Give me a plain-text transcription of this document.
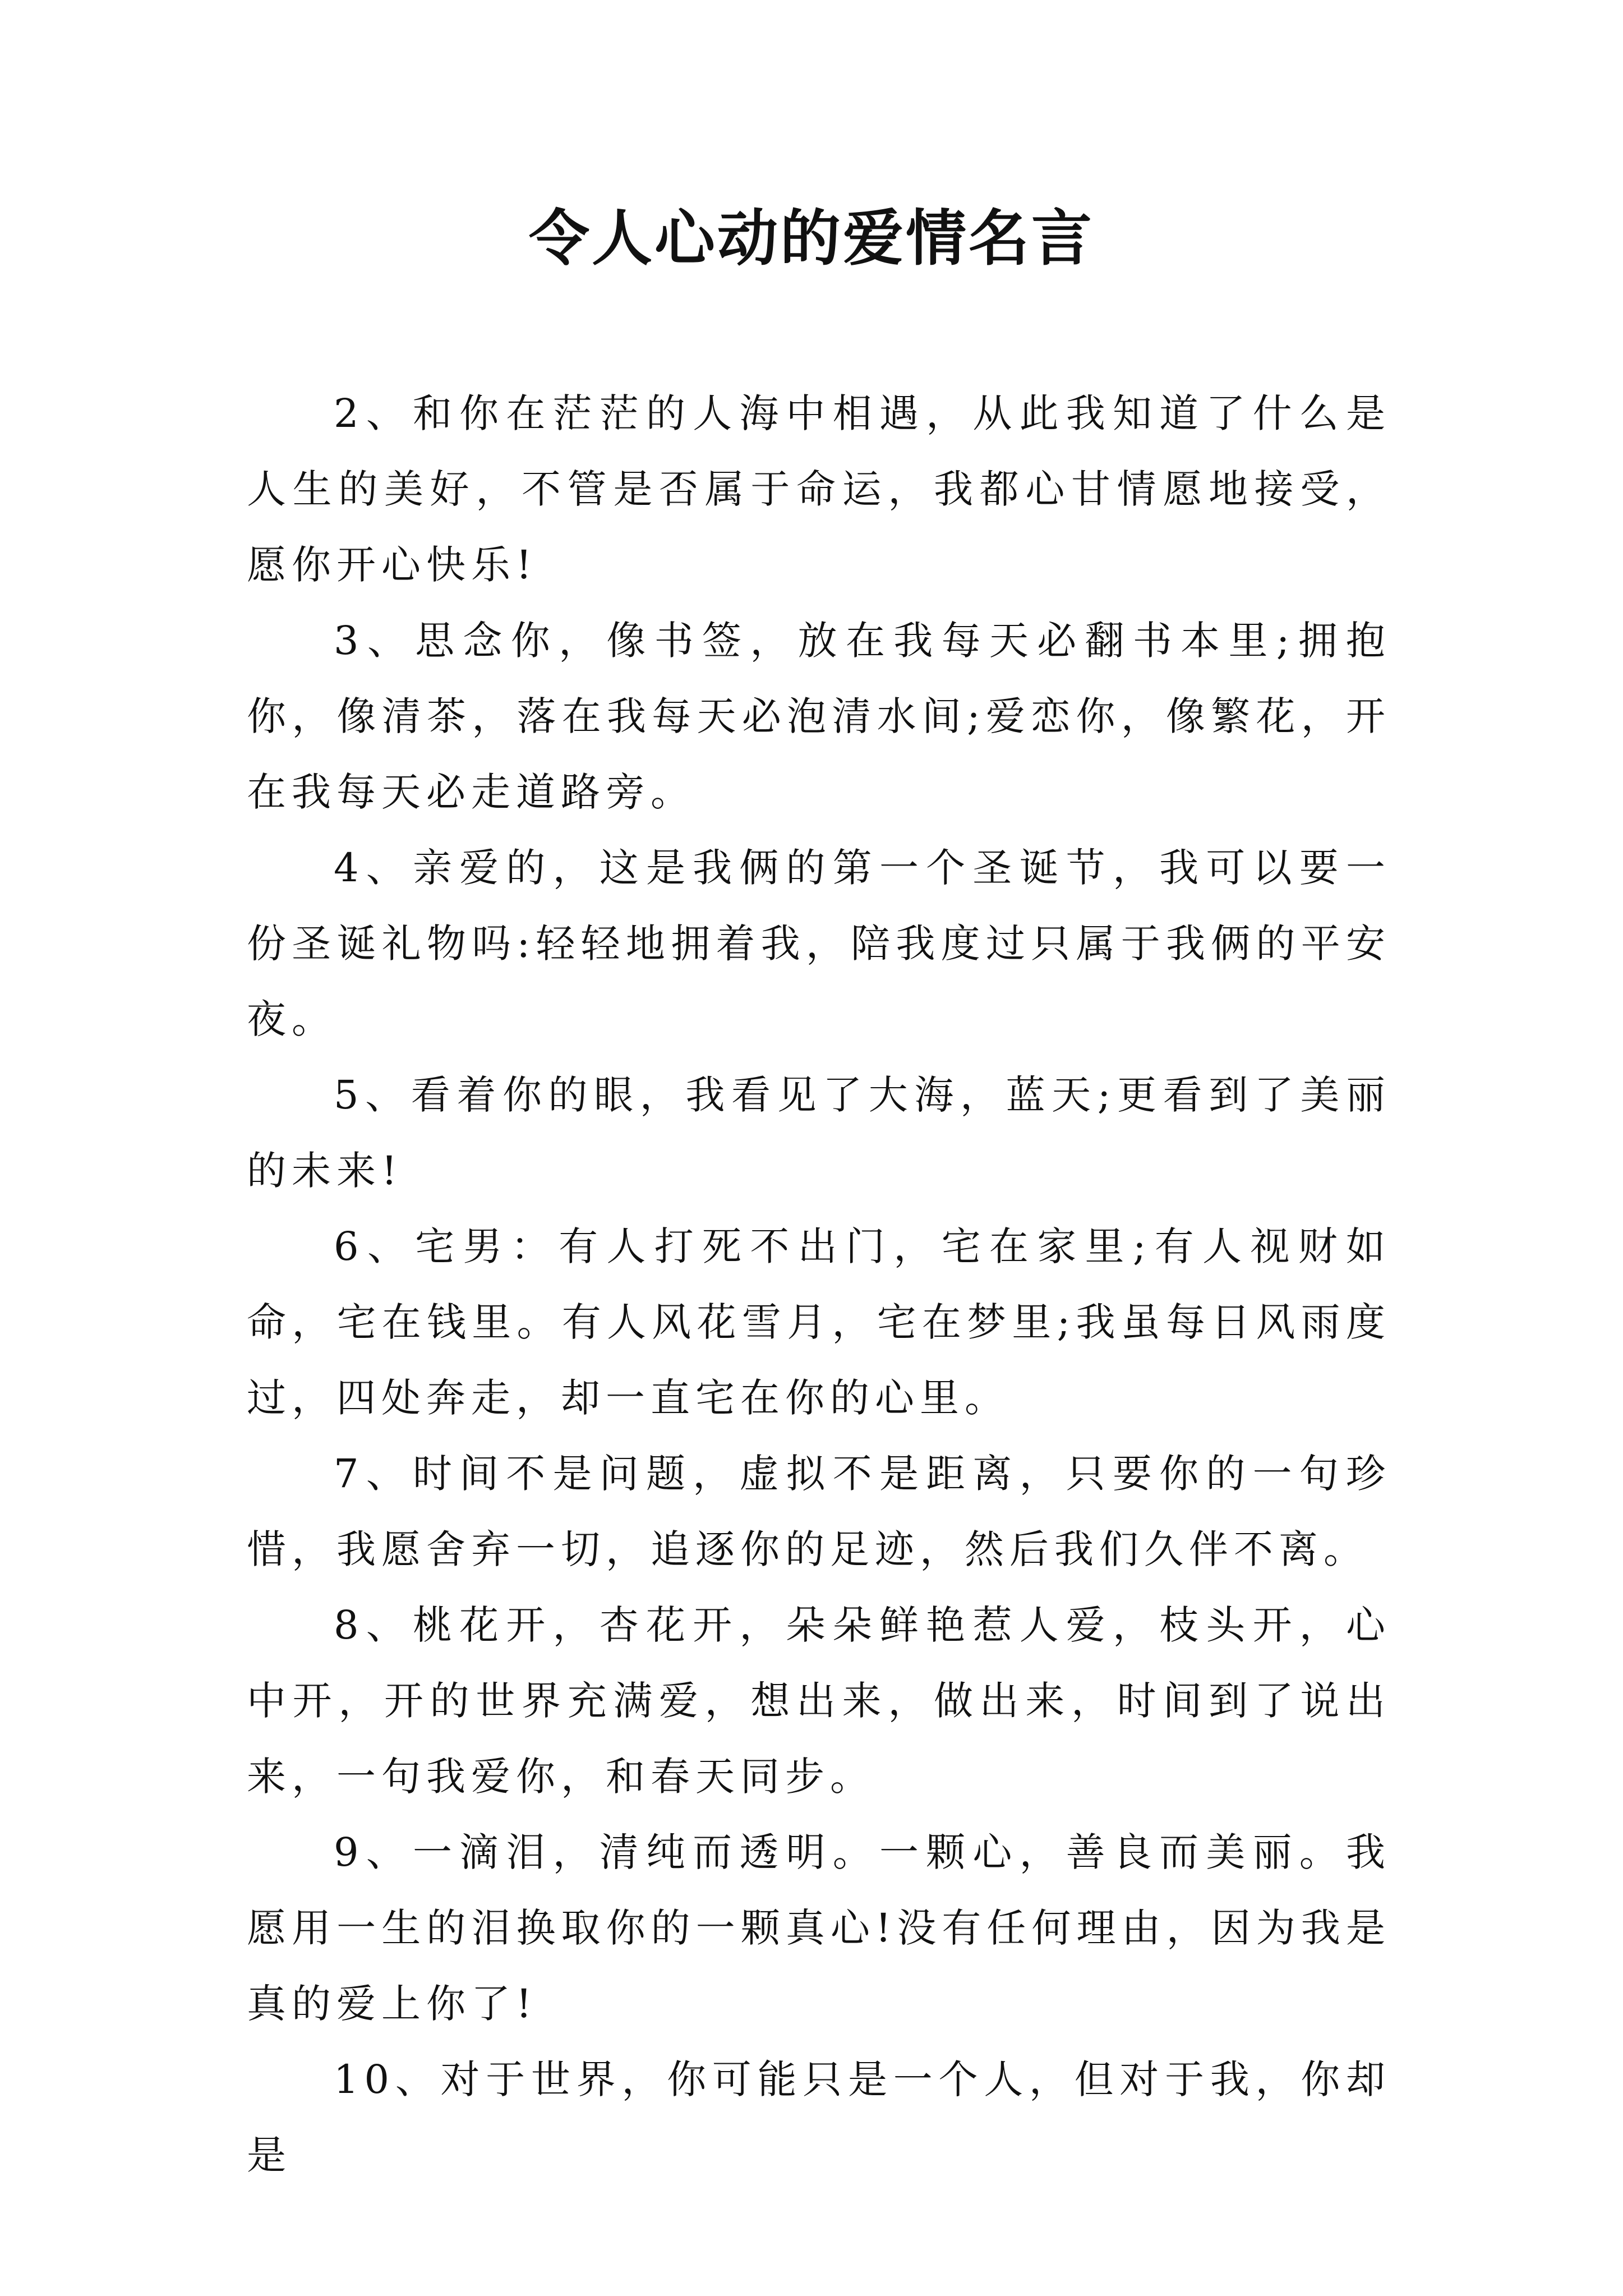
令人心动的爱情名言

2、和你在茫茫的人海中相遇，从此我知道了什么是人生的美好，不管是否属于命运，我都心甘情愿地接受，愿你开心快乐!

3、思念你，像书签，放在我每天必翻书本里;拥抱你，像清茶，落在我每天必泡清水间;爱恋你，像繁花，开在我每天必走道路旁。

4、亲爱的，这是我俩的第一个圣诞节，我可以要一份圣诞礼物吗:轻轻地拥着我，陪我度过只属于我俩的平安夜。

5、看着你的眼，我看见了大海，蓝天;更看到了美丽的未来!

6、宅男：有人打死不出门，宅在家里;有人视财如命，宅在钱里。有人风花雪月，宅在梦里;我虽每日风雨度过，四处奔走，却一直宅在你的心里。

7、时间不是问题，虚拟不是距离，只要你的一句珍惜，我愿舍弃一切，追逐你的足迹，然后我们久伴不离。

8、桃花开，杏花开，朵朵鲜艳惹人爱，枝头开，心中开，开的世界充满爱，想出来，做出来，时间到了说出来，一句我爱你，和春天同步。

9、一滴泪，清纯而透明。一颗心，善良而美丽。我愿用一生的泪换取你的一颗真心!没有任何理由，因为我是真的爱上你了!

10、对于世界，你可能只是一个人，但对于我，你却是
